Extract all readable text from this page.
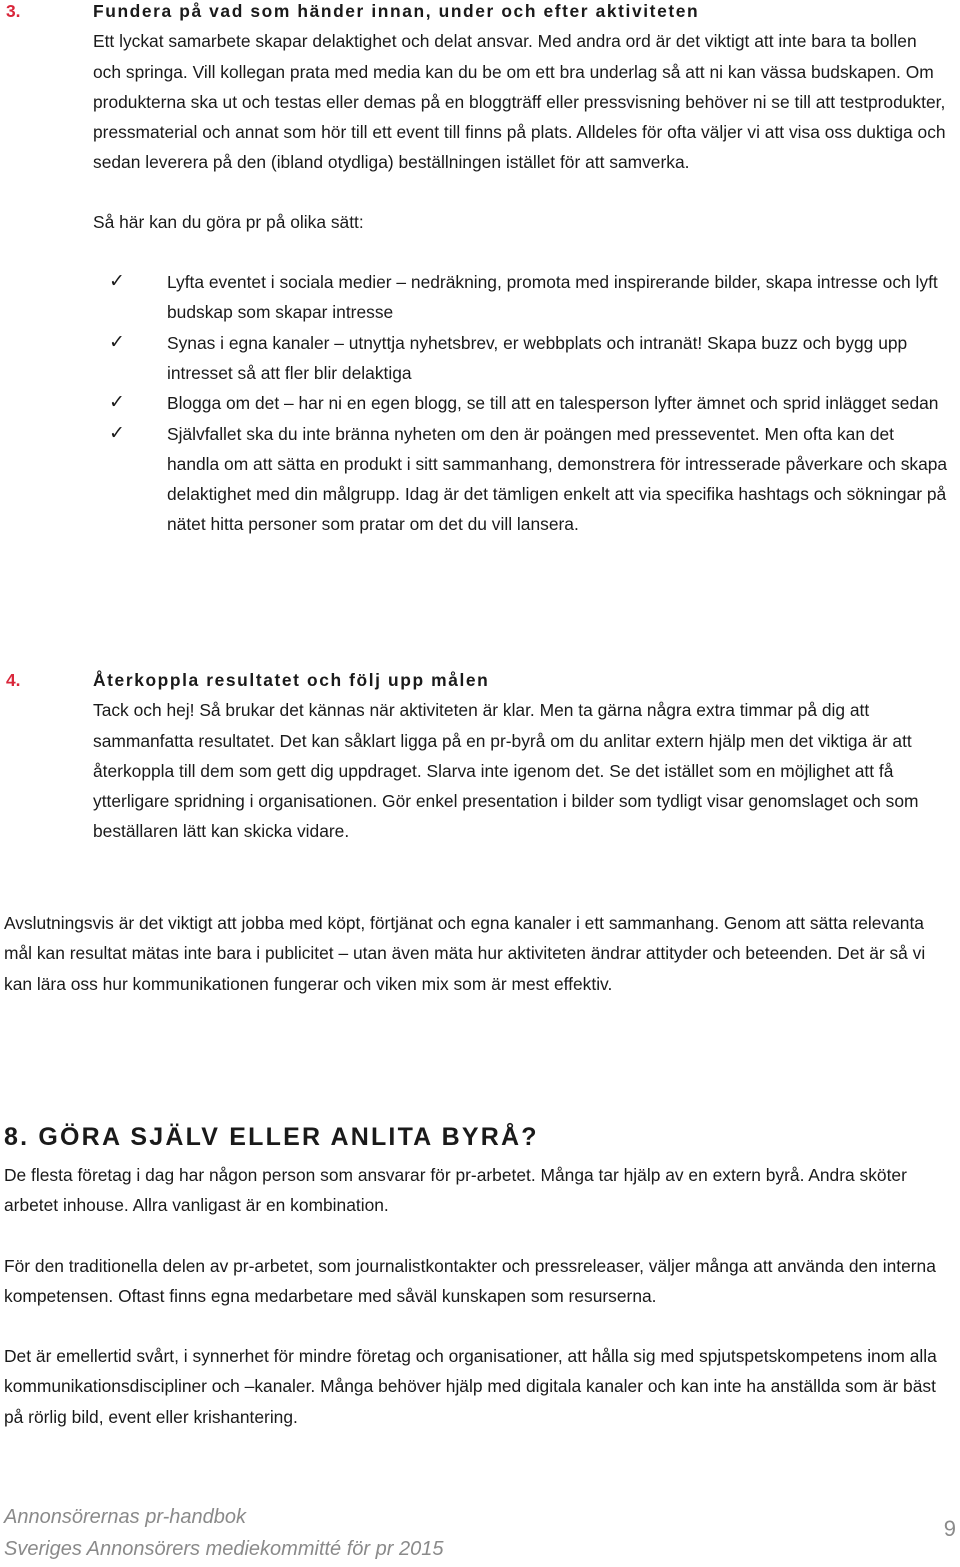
3.	Fundera på vad som händer innan, under och efter aktiviteten

Ett lyckat samarbete skapar delaktighet och delat ansvar. Med andra ord är det viktigt att inte bara ta bollen och springa. Vill kollegan prata med media kan du be om ett bra underlag så att ni kan vässa budskapen. Om produkterna ska ut och testas eller demas på en bloggträff eller pressvisning behöver ni se till att testprodukter, pressmaterial och annat som hör till ett event till finns på plats. Alldeles för ofta väljer vi att visa oss duktiga och sedan leverera på den (ibland otydliga) beställningen istället för att samverka.

Så här kan du göra pr på olika sätt:

✓ Lyfta eventet i sociala medier – nedräkning, promota med inspirerande bilder, skapa intresse och lyft budskap som skapar intresse
✓ Synas i egna kanaler – utnyttja nyhetsbrev, er webbplats och intranät! Skapa buzz och bygg upp intresset så att fler blir delaktiga
✓ Blogga om det – har ni en egen blogg, se till att en talesperson lyfter ämnet och sprid inlägget sedan
✓ Självfallet ska du inte bränna nyheten om den är poängen med presseventet. Men ofta kan det handla om att sätta en produkt i sitt sammanhang, demonstrera för intresserade påverkare och skapa delaktighet med din målgrupp. Idag är det tämligen enkelt att via specifika hashtags och sökningar på nätet hitta personer som pratar om det du vill lansera.
4.	Återkoppla resultatet och följ upp målen

Tack och hej! Så brukar det kännas när aktiviteten är klar. Men ta gärna några extra timmar på dig att sammanfatta resultatet. Det kan såklart ligga på en pr-byrå om du anlitar extern hjälp men det viktiga är att återkoppla till dem som gett dig uppdraget. Slarva inte igenom det. Se det istället som en möjlighet att få ytterligare spridning i organisationen. Gör enkel presentation i bilder som tydligt visar genomslaget och som beställaren lätt kan skicka vidare.

Avslutningsvis är det viktigt att jobba med köpt, förtjänat och egna kanaler i ett sammanhang. Genom att sätta relevanta mål kan resultat mätas inte bara i publicitet – utan även mäta hur aktiviteten ändrar attityder och beteenden. Det är så vi kan lära oss hur kommunikationen fungerar och viken mix som är mest effektiv.

8. GÖRA SJÄLV ELLER ANLITA BYRÅ?

De flesta företag i dag har någon person som ansvarar för pr-arbetet. Många tar hjälp av en extern byrå. Andra sköter arbetet inhouse. Allra vanligast är en kombination.

För den traditionella delen av pr-arbetet, som journalistkontakter och pressreleaser, väljer många att använda den interna kompetensen. Oftast finns egna medarbetare med såväl kunskapen som resurserna.

Det är emellertid svårt, i synnerhet för mindre företag och organisationer, att hålla sig med spjutspetskompetens inom alla kommunikationsdiscipliner och –kanaler. Många behöver hjälp med digitala kanaler och kan inte ha anställda som är bäst på rörlig bild, event eller krishantering.

Annonsörernas pr-handbok
Sveriges Annonsörers mediekommitté för pr 2015
9
